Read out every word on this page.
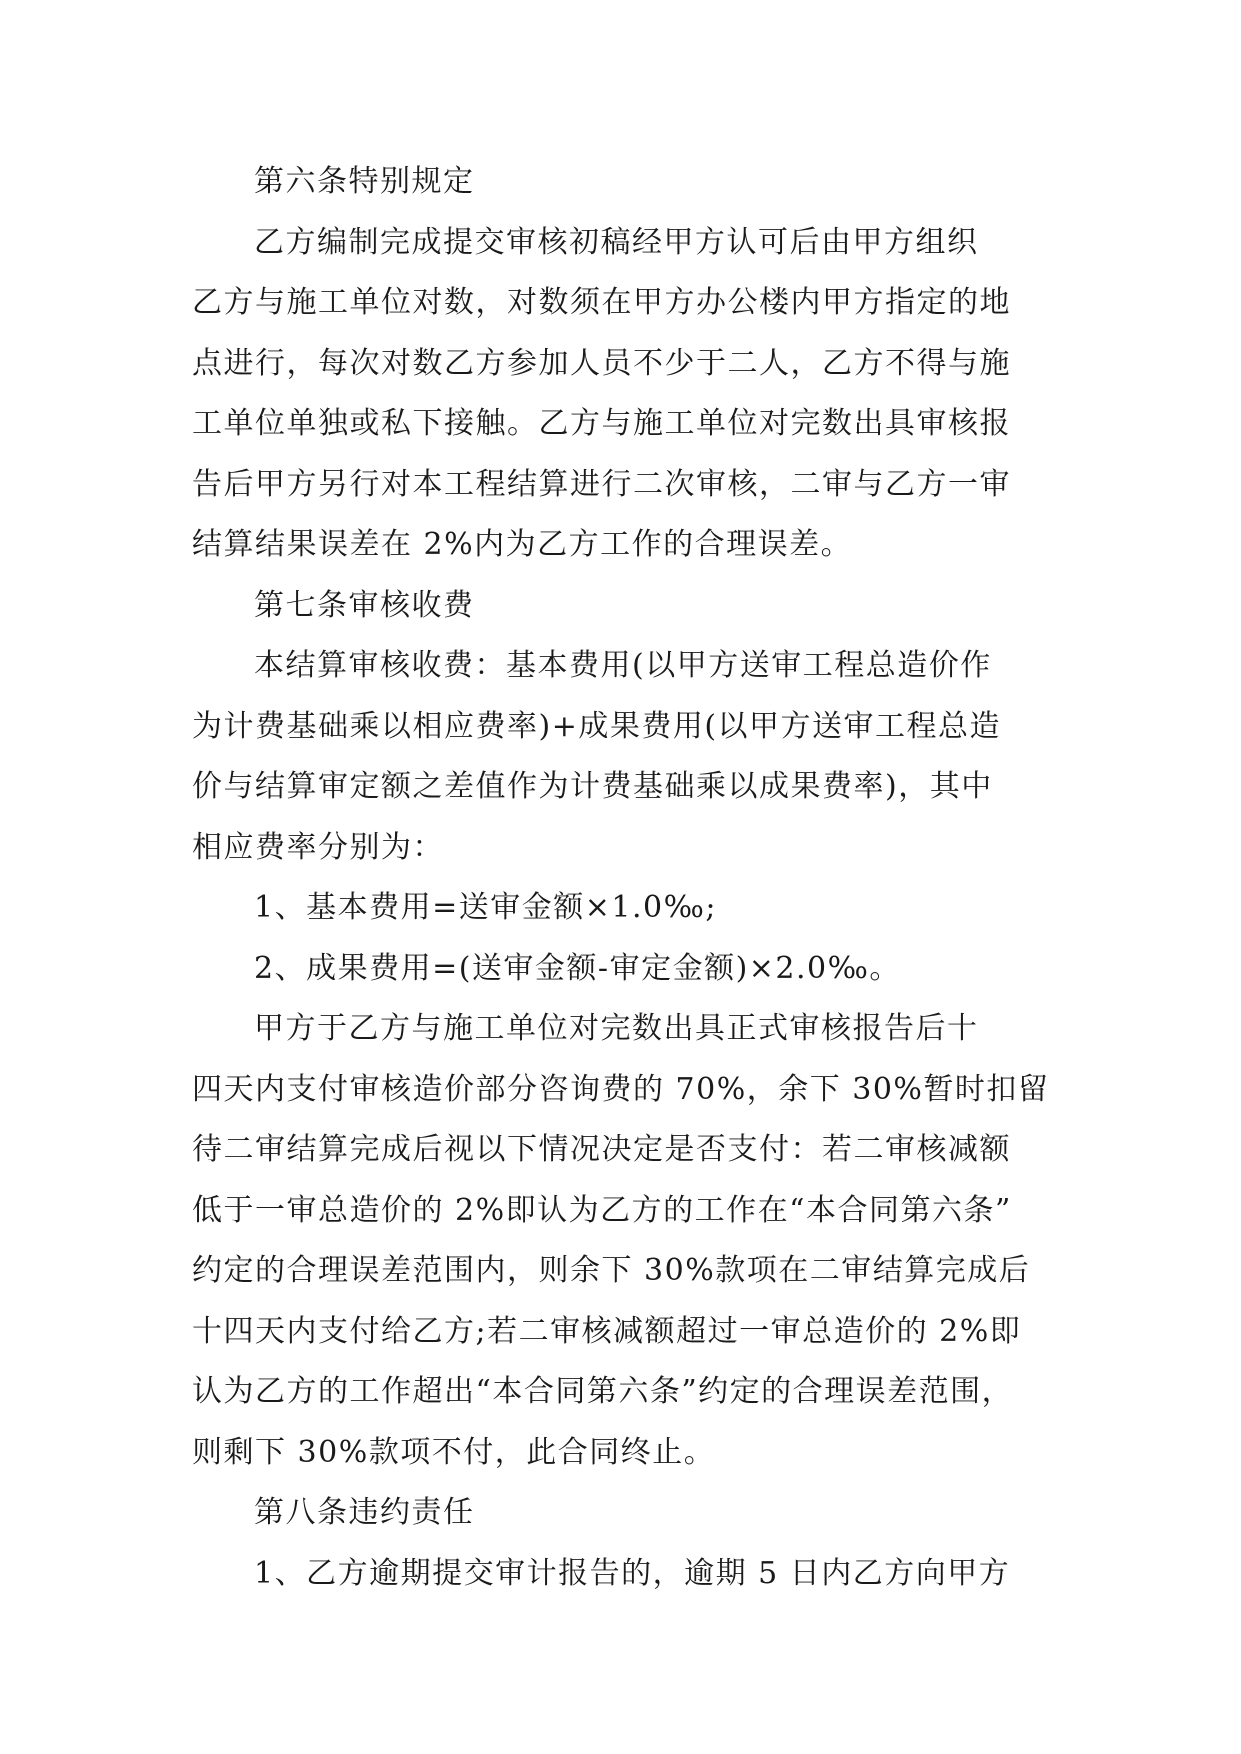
第六条特别规定
乙方编制完成提交审核初稿经甲方认可后由甲方组织
乙方与施工单位对数，对数须在甲方办公楼内甲方指定的地
点进行，每次对数乙方参加人员不少于二人，乙方不得与施
工单位单独或私下接触。乙方与施工单位对完数出具审核报
告后甲方另行对本工程结算进行二次审核，二审与乙方一审
结算结果误差在 2%内为乙方工作的合理误差。
第七条审核收费
本结算审核收费：基本费用(以甲方送审工程总造价作
为计费基础乘以相应费率)+成果费用(以甲方送审工程总造
价与结算审定额之差值作为计费基础乘以成果费率)，其中
相应费率分别为：
1、基本费用=送审金额×1.0‰;
2、成果费用=(送审金额-审定金额)×2.0‰。
甲方于乙方与施工单位对完数出具正式审核报告后十
四天内支付审核造价部分咨询费的 70%，余下 30%暂时扣留
待二审结算完成后视以下情况决定是否支付：若二审核减额
低于一审总造价的 2%即认为乙方的工作在“本合同第六条”
约定的合理误差范围内，则余下 30%款项在二审结算完成后
十四天内支付给乙方;若二审核减额超过一审总造价的 2%即
认为乙方的工作超出“本合同第六条”约定的合理误差范围，
则剩下 30%款项不付，此合同终止。
第八条违约责任
1、乙方逾期提交审计报告的，逾期 5 日内乙方向甲方
